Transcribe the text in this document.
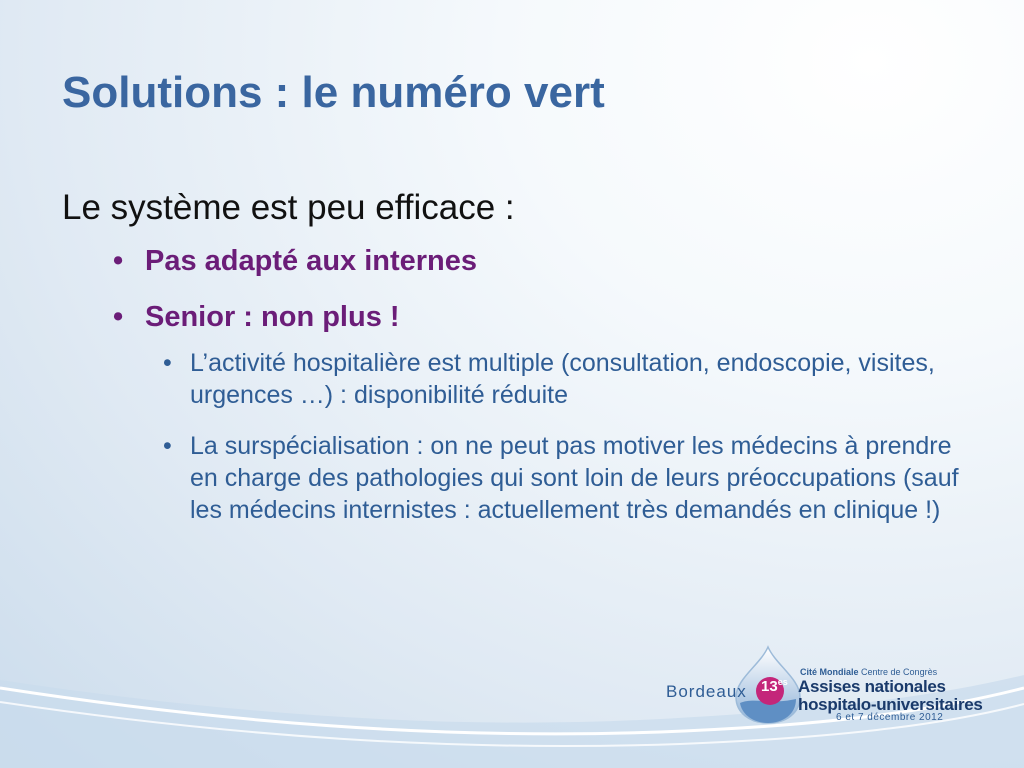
Solutions : le numéro vert
Le système est peu efficace :
• Pas adapté aux internes
• Senior : non plus !
• L’activité hospitalière est multiple (consultation, endoscopie, visites, urgences …) : disponibilité réduite
• La surspécialisation : on ne peut pas motiver les médecins à prendre en charge des pathologies qui sont loin de leurs préoccupations (sauf les médecins internistes : actuellement très demandés en clinique !)
Bordeaux $13^{es}$
Cité Mondiale Centre de Congrès
Assises nationales
hospitalo-universitaires
6 et 7 décembre 2012
